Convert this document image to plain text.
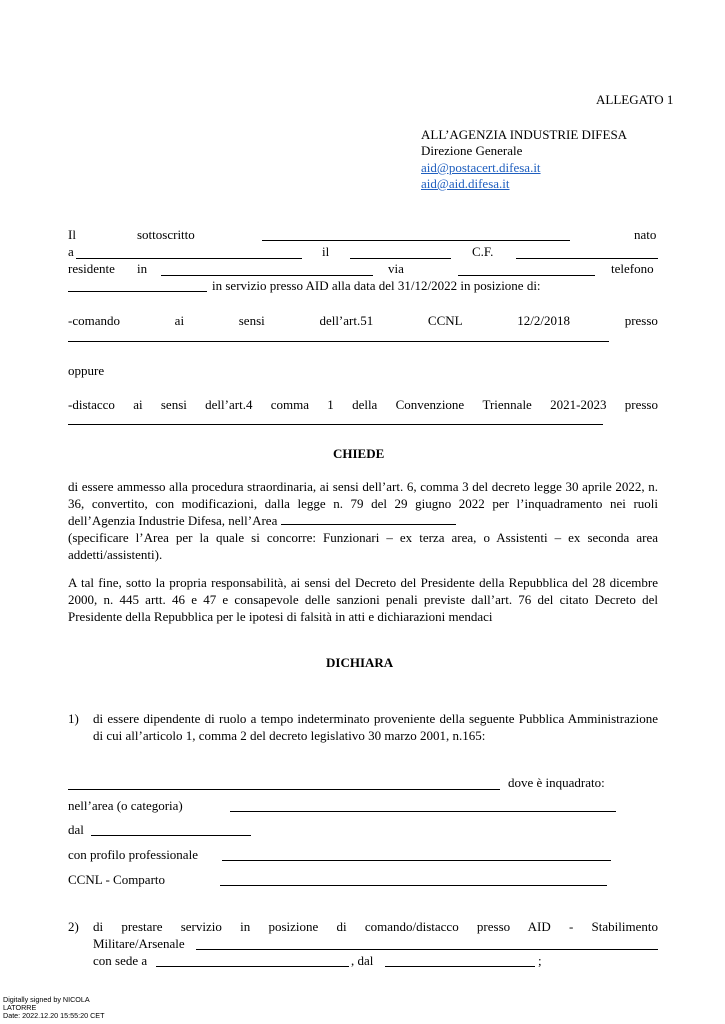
ALLEGATO 1
ALL’AGENZIA INDUSTRIE DIFESA
Direzione Generale
aid@postacert.difesa.it
aid@aid.difesa.it
Il	sottoscritto	nato
a	il	C.F.
residente in	via	telefono
in servizio presso AID alla data del 31/12/2022 in posizione di:
-comando	ai	sensi	dell’art.51	CCNL	12/2/2018	presso
oppure
-distacco ai sensi dell’art.4 comma 1 della Convenzione Triennale 2021-2023 presso
CHIEDE
di essere ammesso alla procedura straordinaria, ai sensi dell’art. 6, comma 3 del decreto legge 30 aprile 2022, n. 36, convertito, con modificazioni, dalla legge n. 79 del 29 giugno 2022 per l’inquadramento nei ruoli dell’Agenzia Industrie Difesa, nell’Area
(specificare l’Area per la quale si concorre: Funzionari – ex terza area, o Assistenti – ex seconda area addetti/assistenti).
A tal fine, sotto la propria responsabilità, ai sensi del Decreto del Presidente della Repubblica del 28 dicembre 2000, n. 445 artt. 46 e 47 e consapevole delle sanzioni penali previste dall’art. 76 del citato Decreto del Presidente della Repubblica per le ipotesi di falsità in atti e dichiarazioni mendaci
DICHIARA
1) di essere dipendente di ruolo a tempo indeterminato proveniente della seguente Pubblica Amministrazione di cui all’articolo 1, comma 2 del decreto legislativo 30 marzo 2001, n.165:
dove è inquadrato:
nell’area (o categoria)
dal
con profilo professionale
CCNL - Comparto
2) di prestare servizio in posizione di comando/distacco presso AID - Stabilimento
Militare/Arsenale
con sede a	, dal	;
Digitally signed by NICOLA
LATORRE
Date: 2022.12.20 15:55:20 CET
